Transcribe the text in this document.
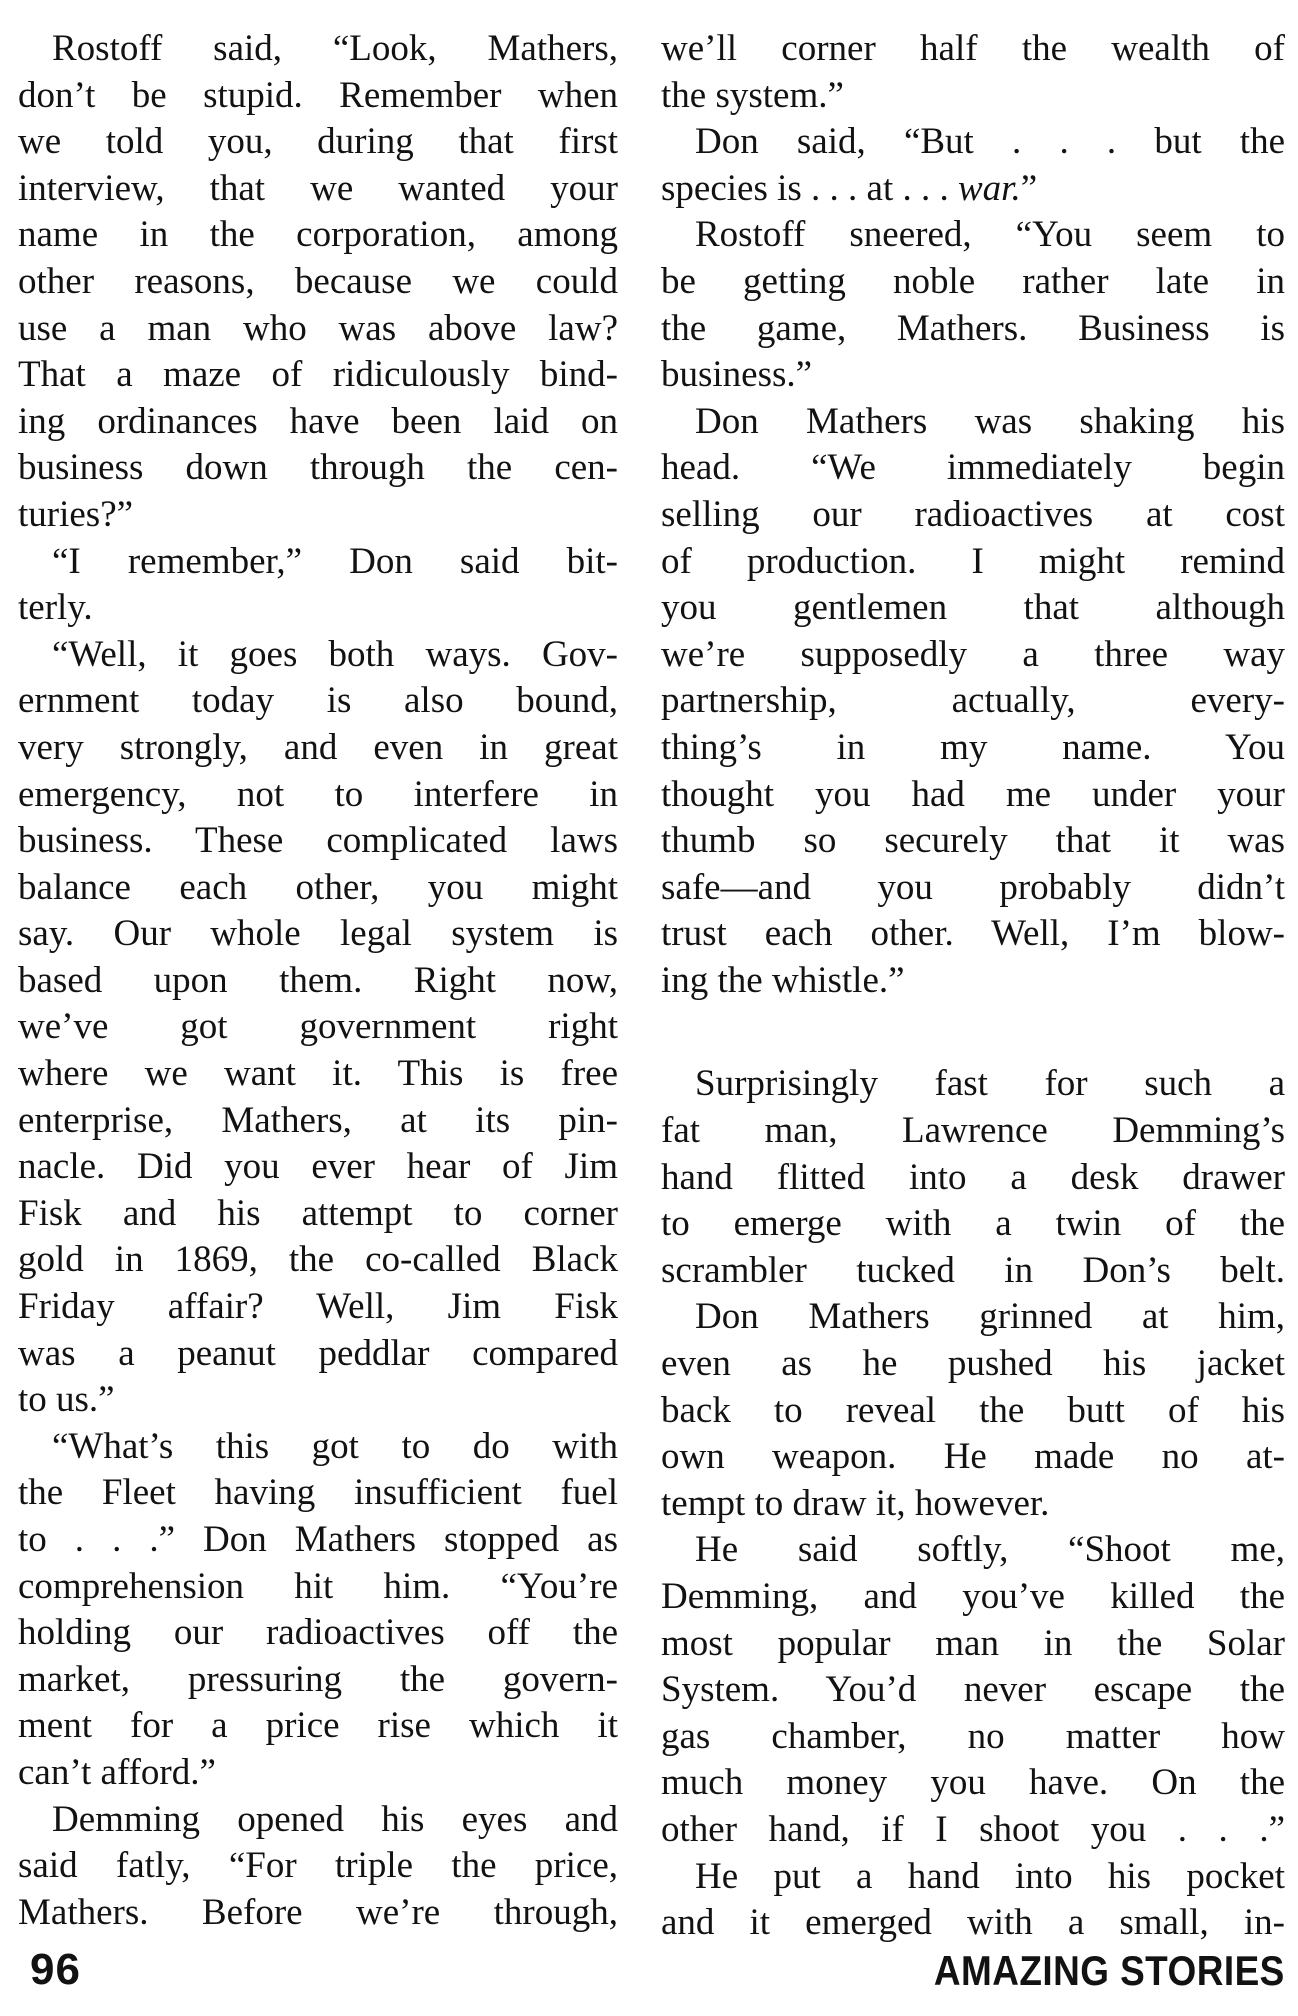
Rostoff said, “Look, Mathers,
don’t be stupid. Remember when
we told you, during that first
interview, that we wanted your
name in the corporation, among
other reasons, because we could
use a man who was above law?
That a maze of ridiculously bind-
ing ordinances have been laid on
business down through the cen-
turies?”
“I remember,” Don said bit-
terly.
“Well, it goes both ways. Gov-
ernment today is also bound,
very strongly, and even in great
emergency, not to interfere in
business. These complicated laws
balance each other, you might
say. Our whole legal system is
based upon them. Right now,
we’ve got government right
where we want it. This is free
enterprise, Mathers, at its pin-
nacle. Did you ever hear of Jim
Fisk and his attempt to corner
gold in 1869, the co-called Black
Friday affair? Well, Jim Fisk
was a peanut peddlar compared
to us.”
“What’s this got to do with
the Fleet having insufficient fuel
to . . .” Don Mathers stopped as
comprehension hit him. “You’re
holding our radioactives off the
market, pressuring the govern-
ment for a price rise which it
can’t afford.”
Demming opened his eyes and
said fatly, “For triple the price,
Mathers. Before we’re through,
we’ll corner half the wealth of
the system.”
Don said, “But . . . but the
species is . . . at . . . war.”
Rostoff sneered, “You seem to
be getting noble rather late in
the game, Mathers. Business is
business.”
Don Mathers was shaking his
head. “We immediately begin
selling our radioactives at cost
of production. I might remind
you gentlemen that although
we’re supposedly a three way
partnership, actually, every-
thing’s in my name. You
thought you had me under your
thumb so securely that it was
safe—and you probably didn’t
trust each other. Well, I’m blow-
ing the whistle.”
Surprisingly fast for such a
fat man, Lawrence Demming’s
hand flitted into a desk drawer
to emerge with a twin of the
scrambler tucked in Don’s belt.
Don Mathers grinned at him,
even as he pushed his jacket
back to reveal the butt of his
own weapon. He made no at-
tempt to draw it, however.
He said softly, “Shoot me,
Demming, and you’ve killed the
most popular man in the Solar
System. You’d never escape the
gas chamber, no matter how
much money you have. On the
other hand, if I shoot you . . .”
He put a hand into his pocket
and it emerged with a small, in-
96	AMAZING STORIES
